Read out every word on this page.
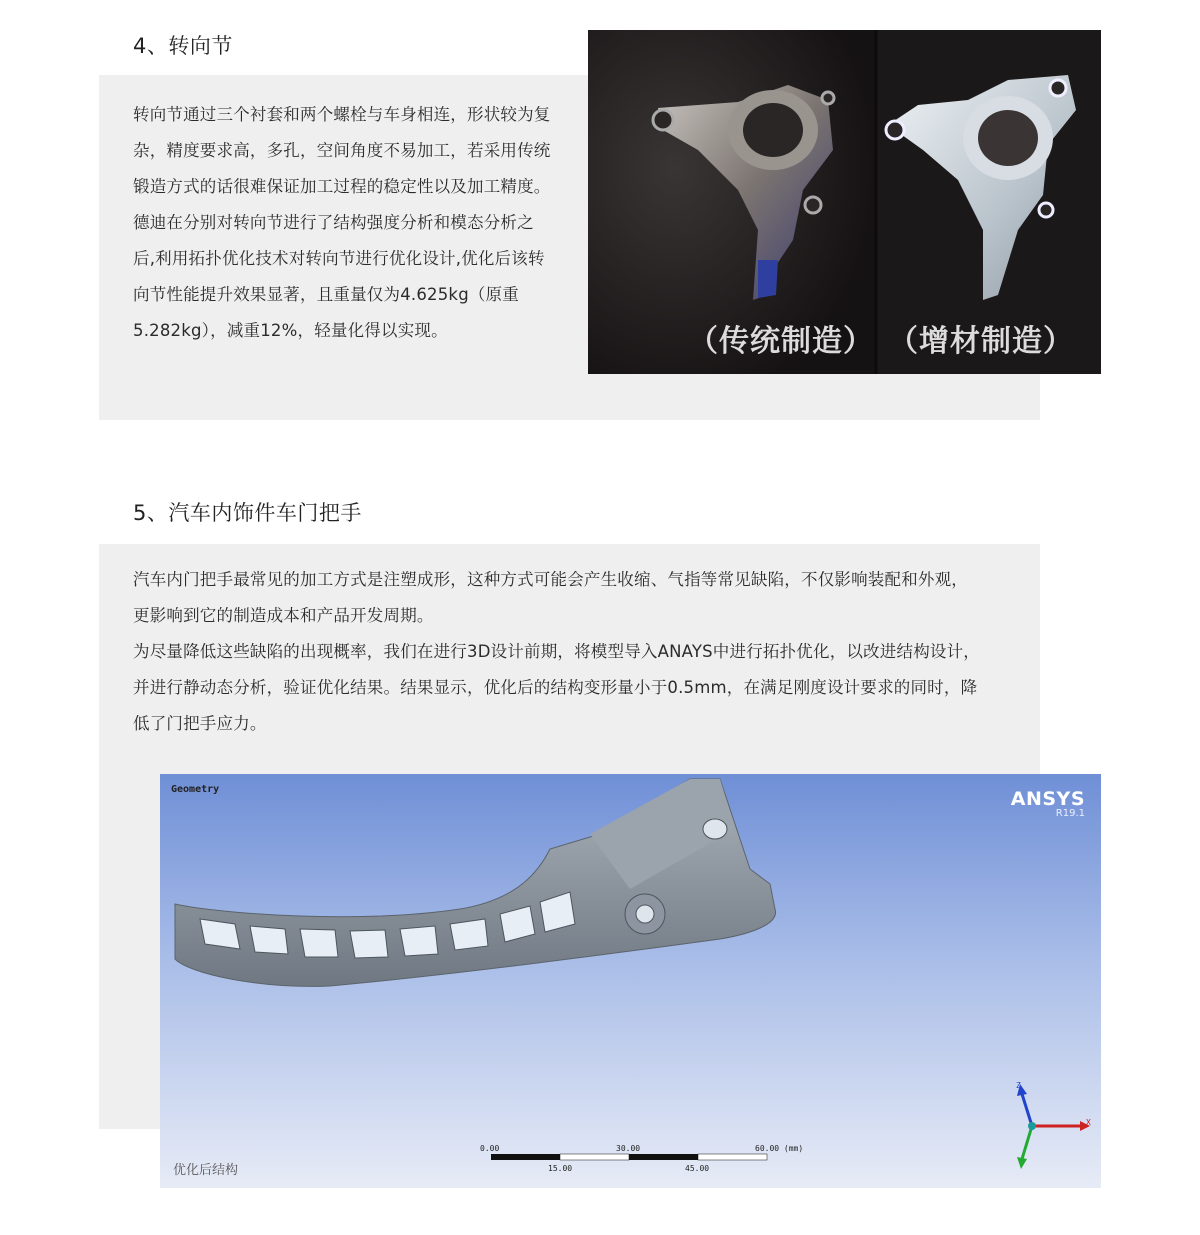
4、转向节

转向节通过三个衬套和两个螺栓与车身相连，形状较为复杂，精度要求高，多孔，空间角度不易加工，若采用传统锻造方式的话很难保证加工过程的稳定性以及加工精度。德迪在分别对转向节进行了结构强度分析和模态分析之后,利用拓扑优化技术对转向节进行优化设计,优化后该转向节性能提升效果显著，且重量仅为4.625kg（原重5.282kg），减重12%，轻量化得以实现。	（传统制造） （增材制造）
5、汽车内饰件车门把手

汽车内门把手最常见的加工方式是注塑成形，这种方式可能会产生收缩、气指等常见缺陷，不仅影响装配和外观，更影响到它的制造成本和产品开发周期。

为尽量降低这些缺陷的出现概率，我们在进行3D设计前期，将模型导入ANAYS中进行拓扑优化，以改进结构设计，并进行静动态分析，验证优化结果。结果显示，优化后的结构变形量小于0.5mm，在满足刚度设计要求的同时，降低了门把手应力。

Geometry	ANSYS
R19.1
0.00	30.00	60.00 (mm)
15.00	45.00
Z
X
优化后结构
